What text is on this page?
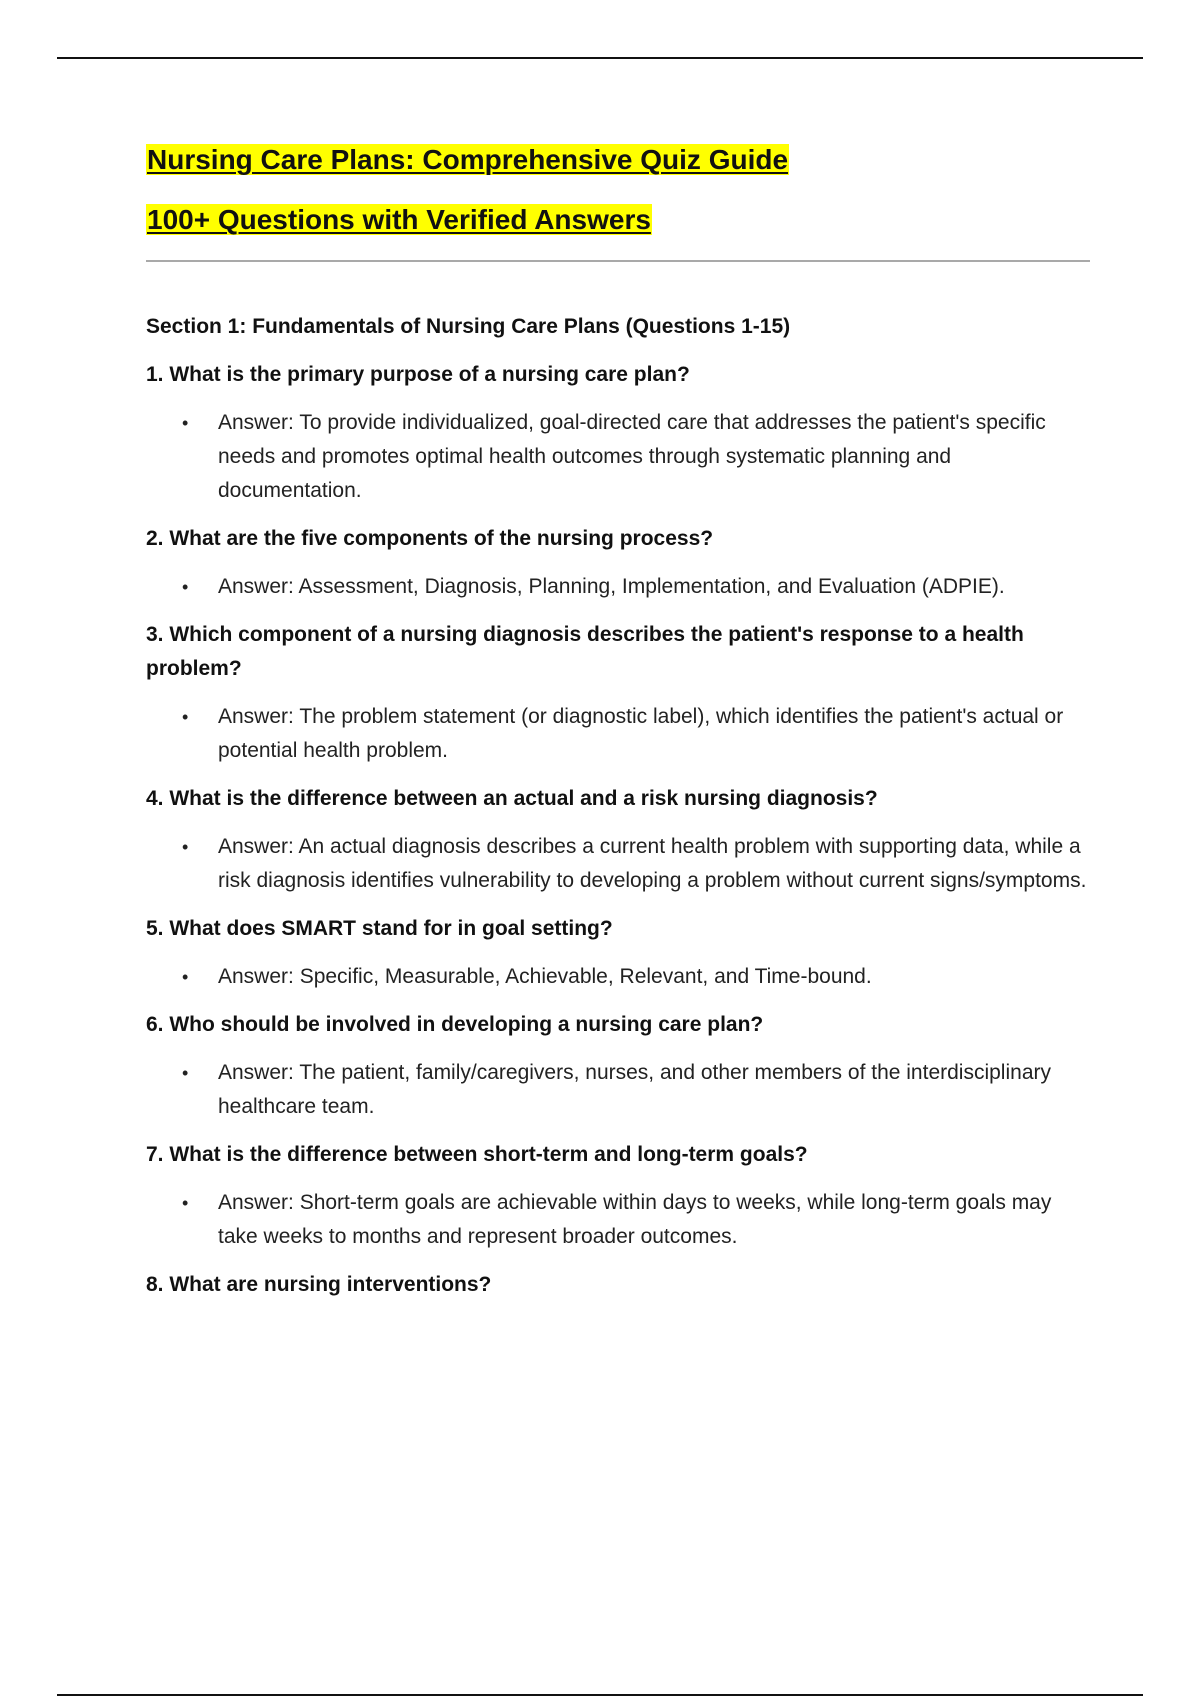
Nursing Care Plans: Comprehensive Quiz Guide
100+ Questions with Verified Answers

Section 1: Fundamentals of Nursing Care Plans (Questions 1-15)

1. What is the primary purpose of a nursing care plan?

• Answer: To provide individualized, goal-directed care that addresses the patient's specific needs and promotes optimal health outcomes through systematic planning and documentation.

2. What are the five components of the nursing process?

• Answer: Assessment, Diagnosis, Planning, Implementation, and Evaluation (ADPIE).

3. Which component of a nursing diagnosis describes the patient's response to a health problem?

• Answer: The problem statement (or diagnostic label), which identifies the patient's actual or potential health problem.

4. What is the difference between an actual and a risk nursing diagnosis?

• Answer: An actual diagnosis describes a current health problem with supporting data, while a risk diagnosis identifies vulnerability to developing a problem without current signs/symptoms.

5. What does SMART stand for in goal setting?

• Answer: Specific, Measurable, Achievable, Relevant, and Time-bound.

6. Who should be involved in developing a nursing care plan?

• Answer: The patient, family/caregivers, nurses, and other members of the interdisciplinary healthcare team.

7. What is the difference between short-term and long-term goals?

• Answer: Short-term goals are achievable within days to weeks, while long-term goals may take weeks to months and represent broader outcomes.

8. What are nursing interventions?
